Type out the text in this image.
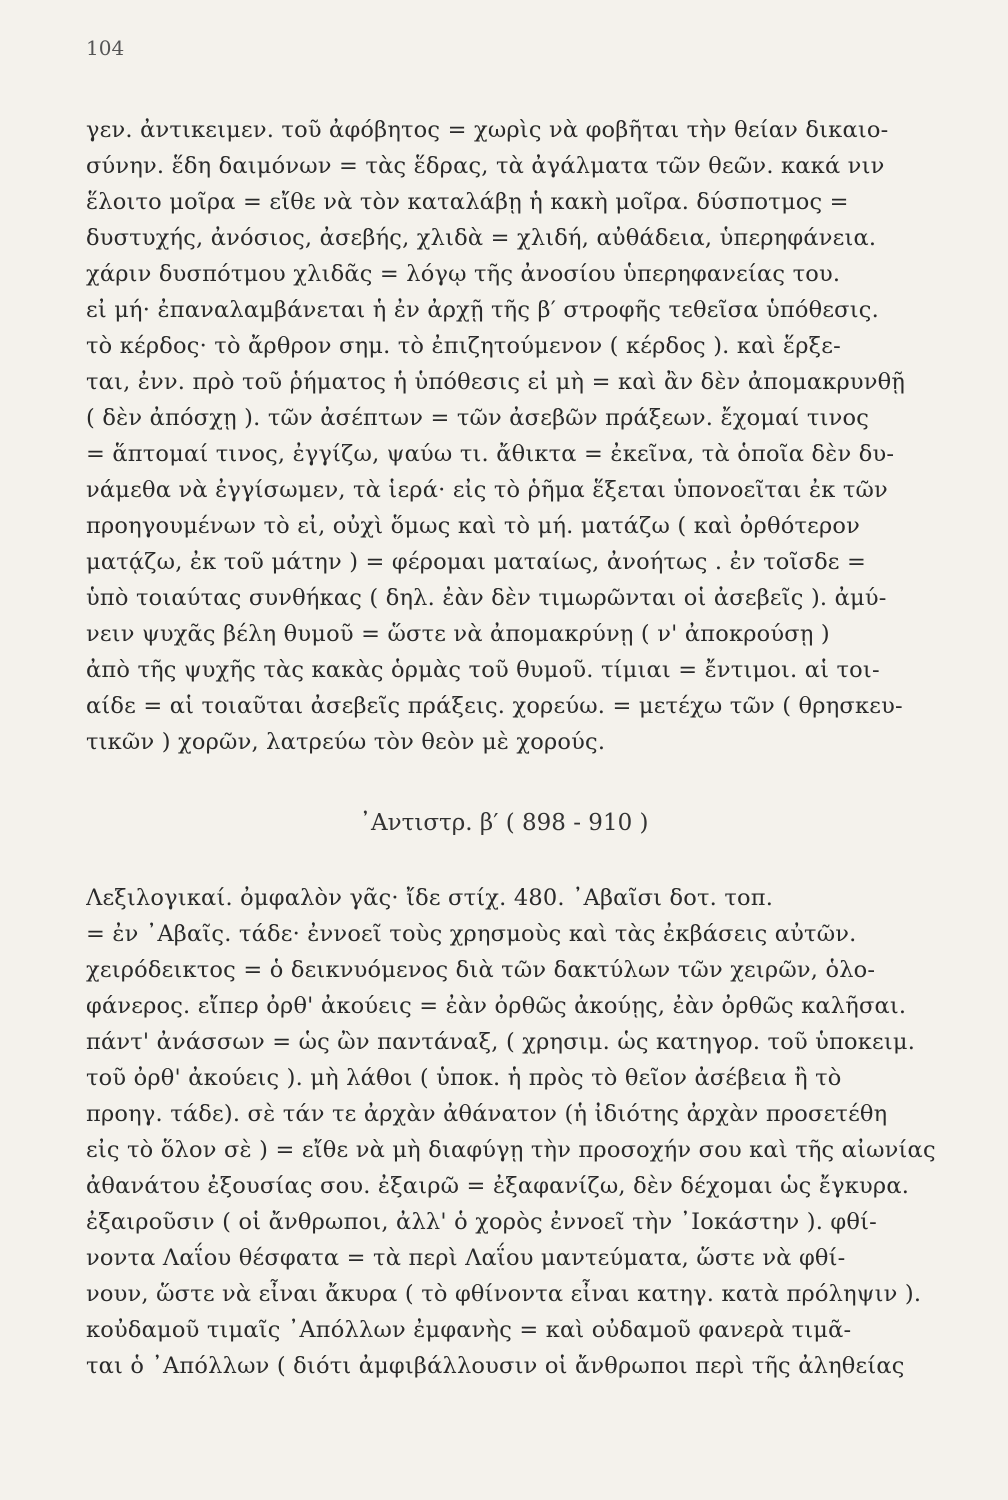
104
γεν. ἀντικειμεν. τοῦ ἀφόβητος = χωρὶς νὰ φοβῆται τὴν θείαν δικαιο-
σύνην. ἕδη δαιμόνων = τὰς ἕδρας, τὰ ἀγάλματα τῶν θεῶν. κακά νιν
ἕλοιτο μοῖρα = εἴθε νὰ τὸν καταλάβῃ ἡ κακὴ μοῖρα. δύσποτμος =
δυστυχής, ἀνόσιος, ἀσεβής, χλιδὰ = χλιδή, αὐθάδεια, ὑπερηφάνεια.
χάριν δυσπότμου χλιδᾶς = λόγῳ τῆς ἀνοσίου ὑπερηφανείας του.
εἰ μή· ἐπαναλαμβάνεται ἡ ἐν ἀρχῇ τῆς β′ στροφῆς τεθεῖσα ὑπόθεσις.
τὸ κέρδος· τὸ ἄρθρον σημ. τὸ ἐπιζητούμενον ( κέρδος ). καὶ ἕρξε-
ται, ἐνν. πρὸ τοῦ ῥήματος ἡ ὑπόθεσις εἰ μὴ = καὶ ἂν δὲν ἀπομακρυνθῇ
( δὲν ἀπόσχῃ ). τῶν ἀσέπτων = τῶν ἀσεβῶν πράξεων. ἔχομαί τινος
= ἅπτομαί τινος, ἐγγίζω, ψαύω τι. ἄθικτα = ἐκεῖνα, τὰ ὁποῖα δὲν δυ-
νάμεθα νὰ ἐγγίσωμεν, τὰ ἱερά· εἰς τὸ ῥῆμα ἕξεται ὑπονοεῖται ἐκ τῶν
προηγουμένων τὸ εἰ, οὐχὶ ὅμως καὶ τὸ μή. ματάζω ( καὶ ὀρθότερον
ματᾴζω, ἐκ τοῦ μάτην ) = φέρομαι ματαίως, ἀνοήτως . ἐν τοῖσδε =
ὑπὸ τοιαύτας συνθήκας ( δηλ. ἐὰν δὲν τιμωρῶνται οἱ ἀσεβεῖς ). ἀμύ-
νειν ψυχᾶς βέλη θυμοῦ = ὥστε νὰ ἀπομακρύνῃ ( ν' ἀποκρούσῃ )
ἀπὸ τῆς ψυχῆς τὰς κακὰς ὁρμὰς τοῦ θυμοῦ. τίμιαι = ἔντιμοι. αἱ τοι-
αίδε = αἱ τοιαῦται ἀσεβεῖς πράξεις. χορεύω. = μετέχω τῶν ( θρησκευ-
τικῶν ) χορῶν, λατρεύω τὸν θεὸν μὲ χορούς.
᾿Αντιστρ. β′ ( 898 - 910 )
Λεξιλογικαί. ὀμφαλὸν γᾶς· ἴδε στίχ. 480. ᾿Αβαῖσι δοτ. τοπ.
= ἐν ᾿Αβαῖς. τάδε· ἐννοεῖ τοὺς χρησμοὺς καὶ τὰς ἐκβάσεις αὐτῶν.
χειρόδεικτος = ὁ δεικνυόμενος διὰ τῶν δακτύλων τῶν χειρῶν, ὁλο-
φάνερος. εἴπερ ὀρθ' ἀκούεις = ἐὰν ὀρθῶς ἀκούῃς, ἐὰν ὀρθῶς καλῆσαι.
πάντ' ἀνάσσων = ὡς ὢν παντάναξ, ( χρησιμ. ὡς κατηγορ. τοῦ ὑποκειμ.
τοῦ ὀρθ' ἀκούεις ). μὴ λάθοι ( ὑποκ. ἡ πρὸς τὸ θεῖον ἀσέβεια ἢ τὸ
προηγ. τάδε). σὲ τάν τε ἀρχὰν ἀθάνατον (ἡ ἰδιότης ἀρχὰν προσετέθη
εἰς τὸ ὅλον σὲ ) = εἴθε νὰ μὴ διαφύγῃ τὴν προσοχήν σου καὶ τῆς αἰωνίας
ἀθανάτου ἐξουσίας σου. ἐξαιρῶ = ἐξαφανίζω, δὲν δέχομαι ὡς ἔγκυρα.
ἐξαιροῦσιν ( οἱ ἄνθρωποι, ἀλλ' ὁ χορὸς ἐννοεῖ τὴν ᾿Ιοκάστην ). φθί-
νοντα Λαΐου θέσφατα = τὰ περὶ Λαΐου μαντεύματα, ὥστε νὰ φθί-
νουν, ὥστε νὰ εἶναι ἄκυρα ( τὸ φθίνοντα εἶναι κατηγ. κατὰ πρόληψιν ).
κοὐδαμοῦ τιμαῖς ᾿Απόλλων ἐμφανὴς = καὶ οὐδαμοῦ φανερὰ τιμᾶ-
ται ὁ ᾿Απόλλων ( διότι ἀμφιβάλλουσιν οἱ ἄνθρωποι περὶ τῆς ἀληθείας
